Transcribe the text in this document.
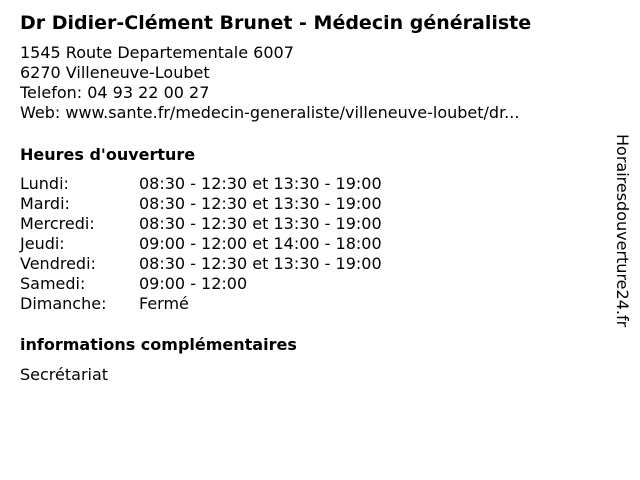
Dr Didier-Clément Brunet - Médecin généraliste
1545 Route Departementale 6007
6270 Villeneuve-Loubet
Telefon: 04 93 22 00 27
Web: www.sante.fr/medecin-generaliste/villeneuve-loubet/dr...
Heures d'ouverture
Lundi:	08:30 - 12:30 et 13:30 - 19:00
Mardi:	08:30 - 12:30 et 13:30 - 19:00
Mercredi:	08:30 - 12:30 et 13:30 - 19:00
Jeudi:	09:00 - 12:00 et 14:00 - 18:00
Vendredi:	08:30 - 12:30 et 13:30 - 19:00
Samedi:	09:00 - 12:00
Dimanche: Fermé
informations complémentaires
Secrétariat
Horairesdouverture24.fr
